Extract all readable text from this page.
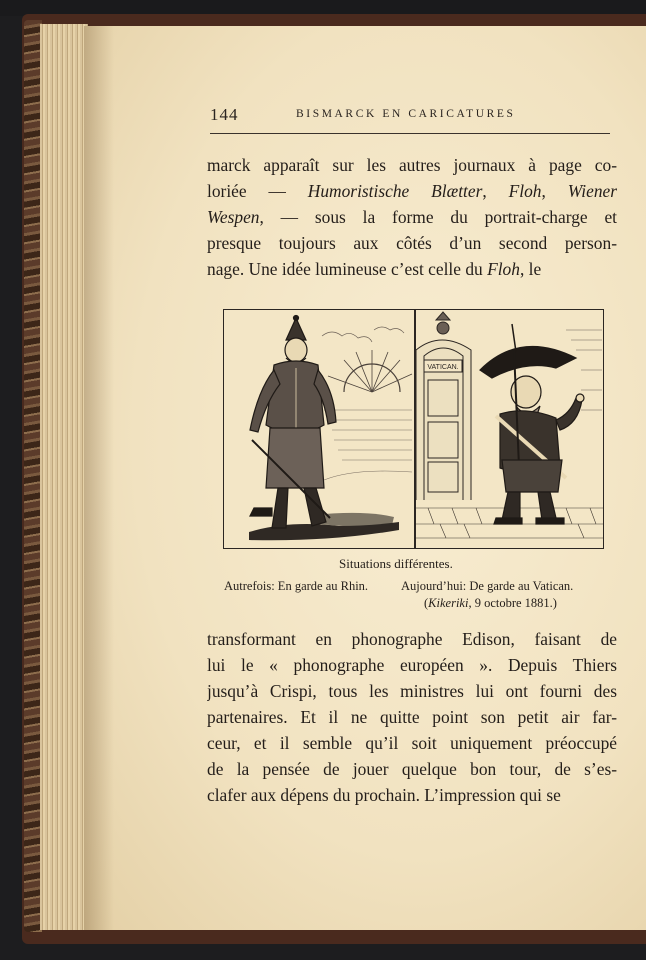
144	BISMARCK EN CARICATURES
marck apparaît sur les autres journaux à page co-
loriée — Humoristische Blætter, Floh, Wiener
Wespen, — sous la forme du portrait-charge et
presque toujours aux côtés d’un second person-
nage. Une idée lumineuse c’est celle du Floh, le
VATICAN.
Situations différentes.
Autrefois: En garde au Rhin.	Aujourd’hui: De garde au Vatican.
(Kikeriki, 9 octobre 1881.)
transformant en phonographe Edison, faisant de
lui le « phonographe européen ». Depuis Thiers
jusqu’à Crispi, tous les ministres lui ont fourni des
partenaires. Et il ne quitte point son petit air far-
ceur, et il semble qu’il soit uniquement préoccupé
de la pensée de jouer quelque bon tour, de s’es-
clafer aux dépens du prochain. L’impression qui se
